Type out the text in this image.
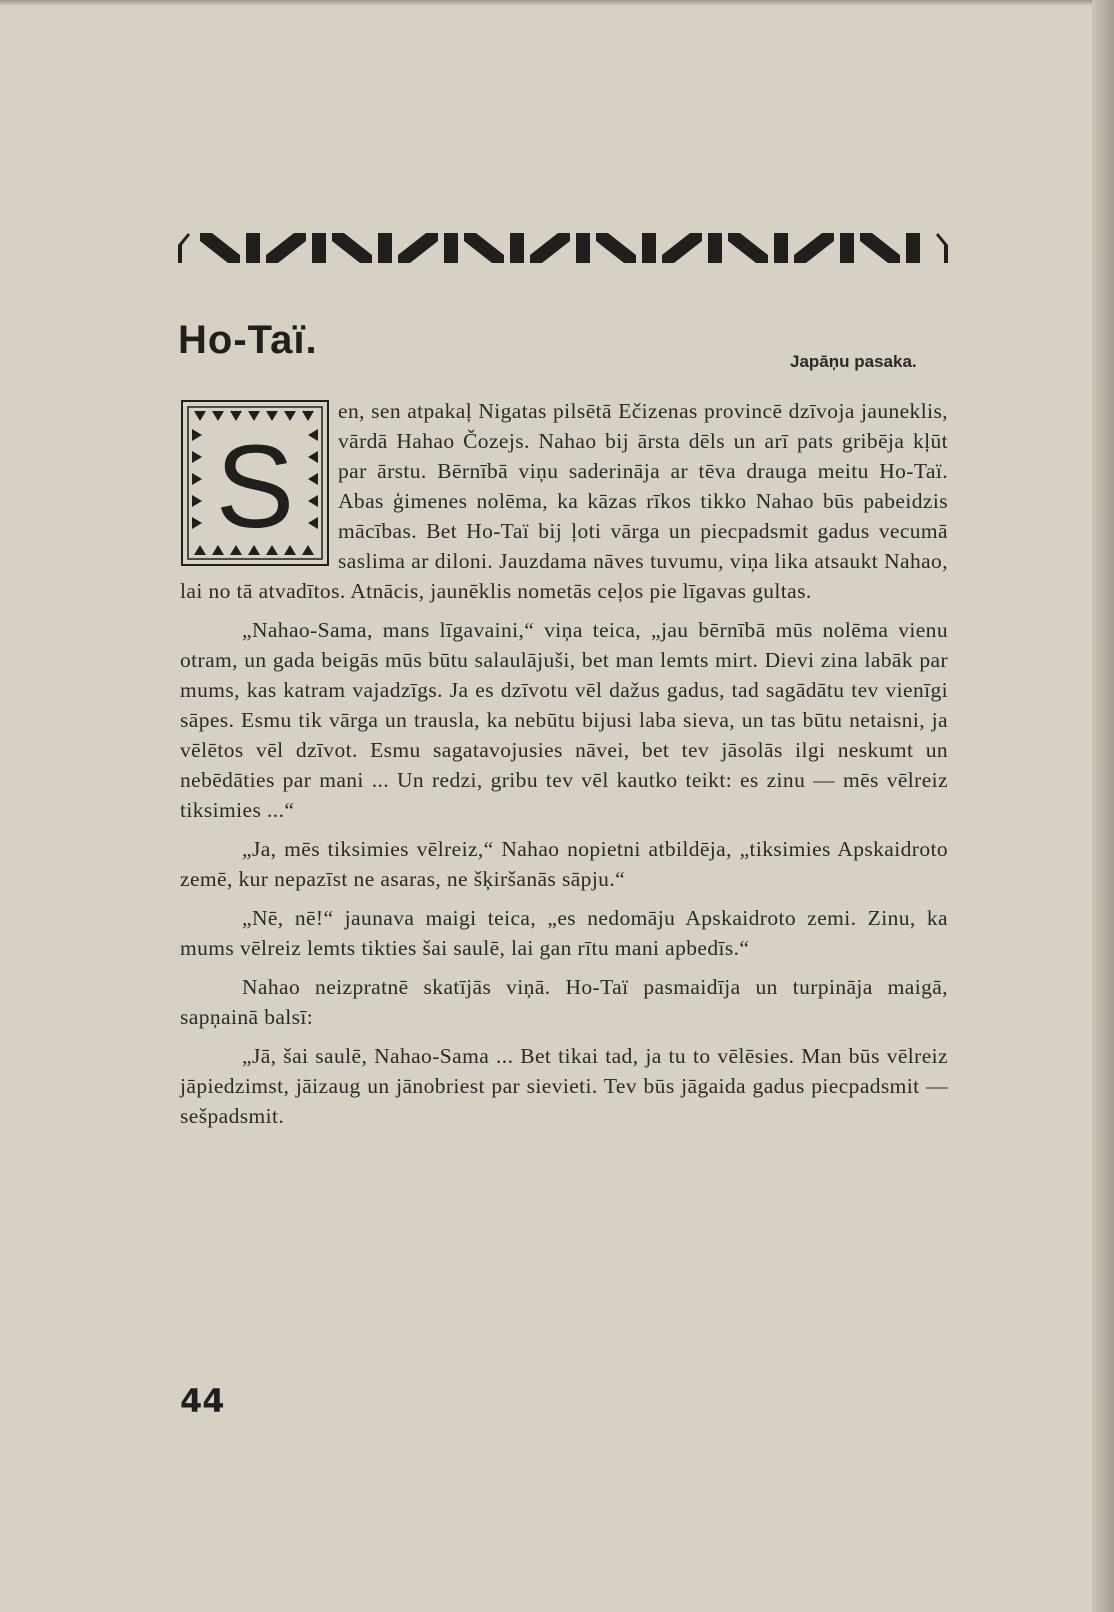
Ho-Taï.	Japāņu pasaka.
S

en, sen atpakaļ Nigatas pilsētā Ečizenas provincē dzīvoja jauneklis, vārdā Hahao Čozejs. Nahao bij ārsta dēls un arī pats gribēja kļūt par ārstu. Bērnībā viņu saderināja ar tēva drauga meitu Ho-Taï. Abas ģimenes nolēma, ka kāzas rīkos tikko Nahao būs pabeidzis mācības. Bet Ho-Taï bij ļoti vārga un piecpadsmit gadus vecumā saslima ar diloni. Jauzdama nāves tuvumu, viņa lika atsaukt Nahao, lai no tā atvadītos. Atnācis, jaunēklis nometās ceļos pie līgavas gultas.

„Nahao-Sama, mans līgavaini,“ viņa teica, „jau bērnībā mūs nolēma vienu otram, un gada beigās mūs būtu salaulājuši, bet man lemts mirt. Dievi zina labāk par mums, kas katram vajadzīgs. Ja es dzīvotu vēl dažus gadus, tad sagādātu tev vienīgi sāpes. Esmu tik vārga un trausla, ka nebūtu bijusi laba sieva, un tas būtu netaisni, ja vēlētos vēl dzīvot. Esmu sagatavojusies nāvei, bet tev jāsolās ilgi neskumt un nebēdāties par mani ... Un redzi, gribu tev vēl kautko teikt: es zinu — mēs vēlreiz tiksimies ...“

„Ja, mēs tiksimies vēlreiz,“ Nahao nopietni atbildēja, „tiksimies Apskaidroto zemē, kur nepazīst ne asaras, ne šķiršanās sāpju.“

„Nē, nē!“ jaunava maigi teica, „es nedomāju Apskaidroto zemi. Zinu, ka mums vēlreiz lemts tikties šai saulē, lai gan rītu mani apbedīs.“

Nahao neizpratnē skatījās viņā. Ho-Taï pasmaidīja un turpināja maigā, sapņainā balsī:

„Jā, šai saulē, Nahao-Sama ... Bet tikai tad, ja tu to vēlēsies. Man būs vēlreiz jāpiedzimst, jāizaug un jānobriest par sievieti. Tev būs jāgaida gadus piecpadsmit — sešpadsmit.

44
